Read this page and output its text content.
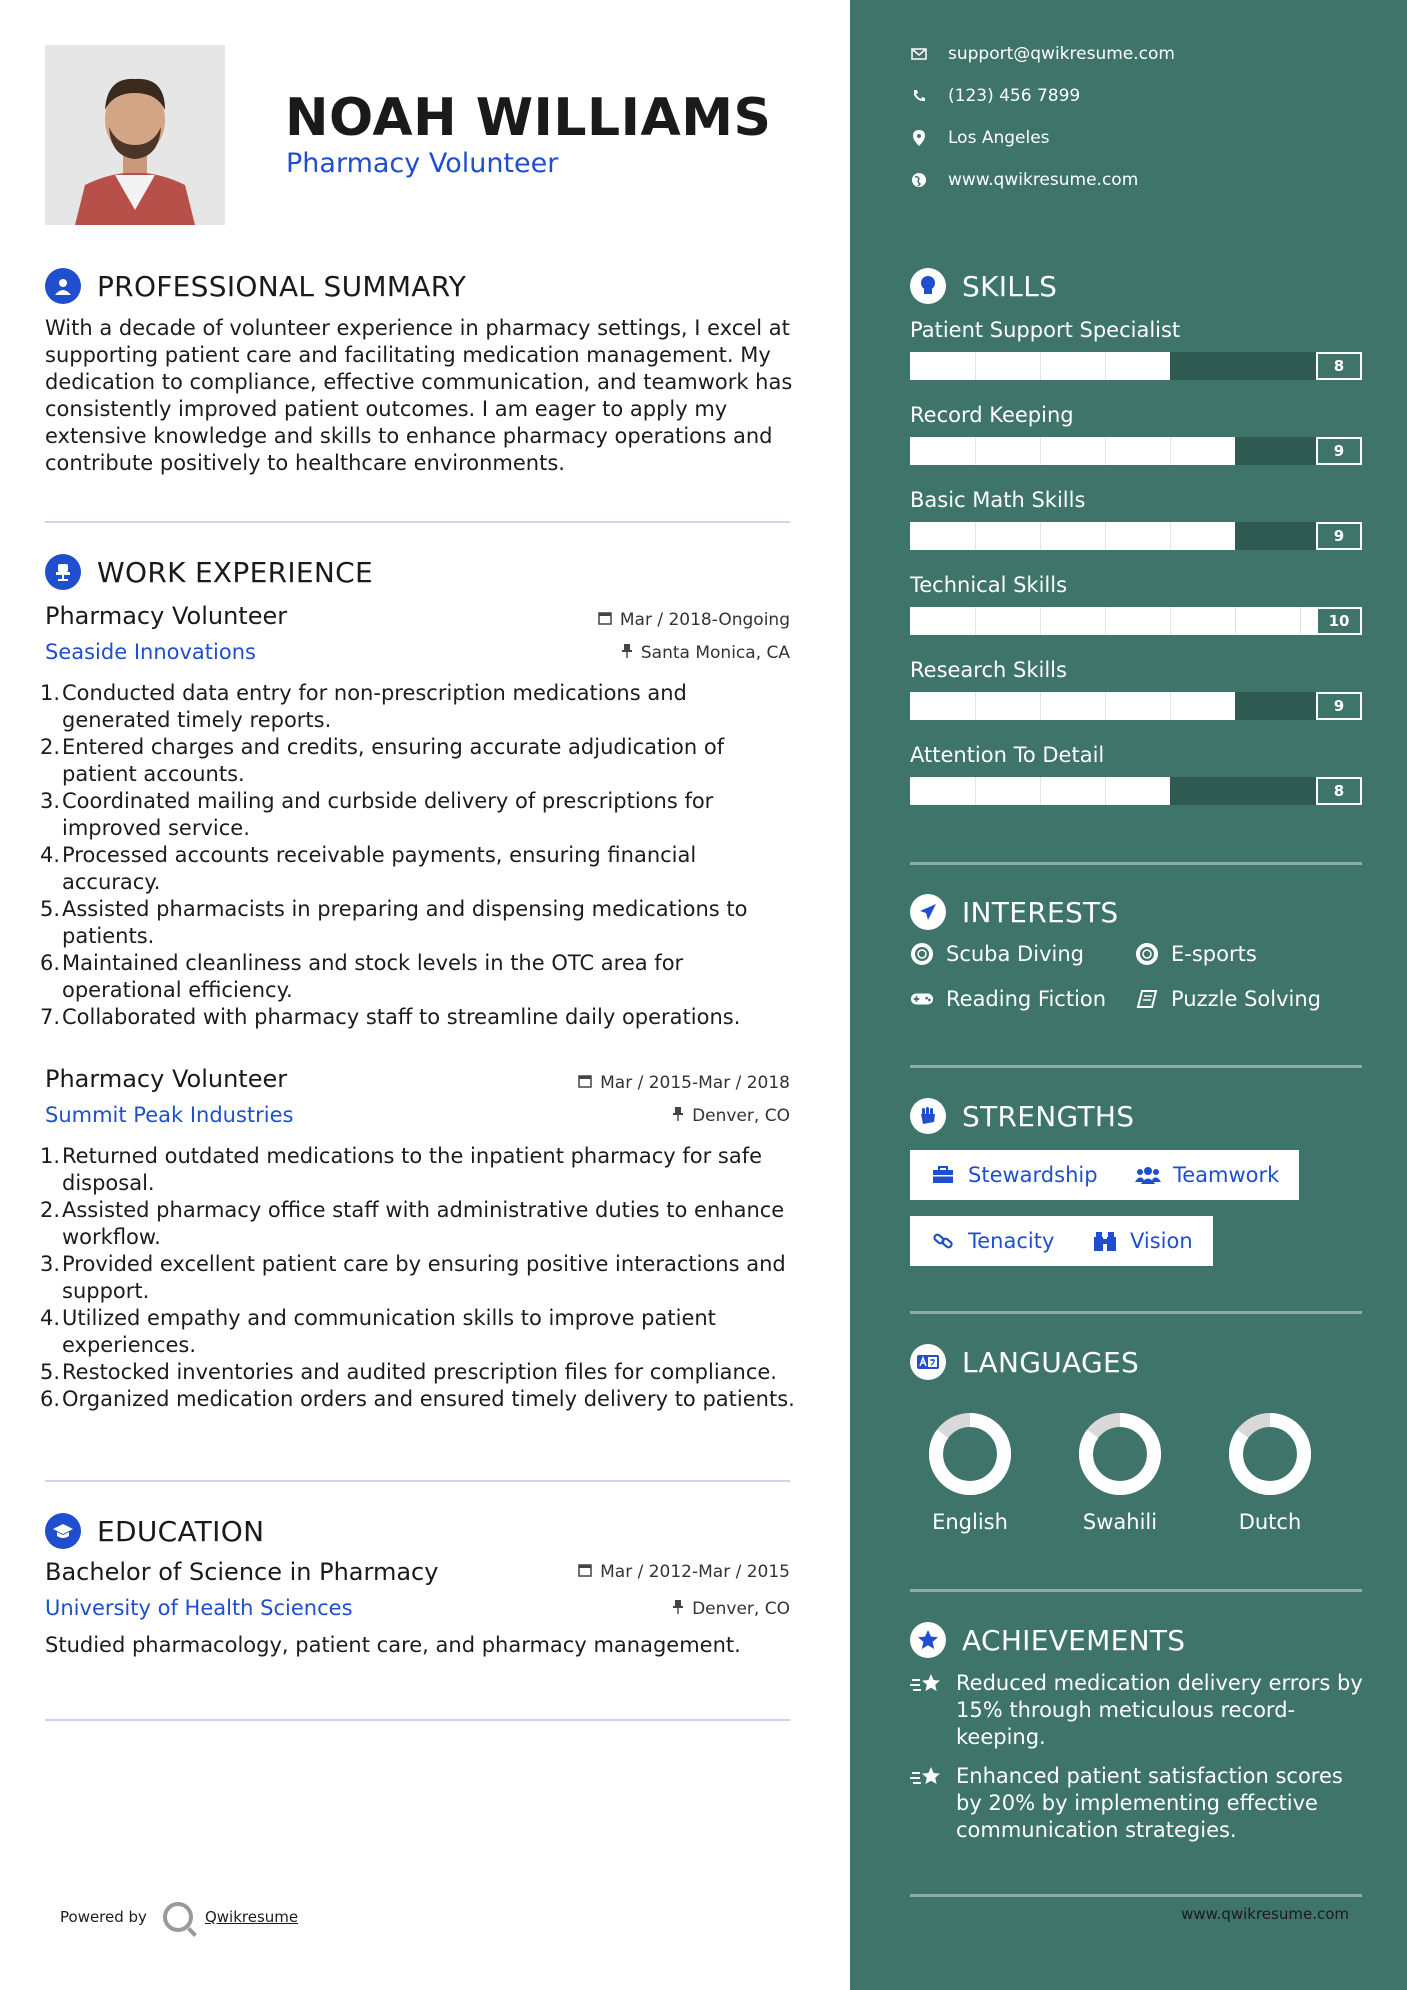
NOAH WILLIAMS
Pharmacy Volunteer
PROFESSIONAL SUMMARY
With a decade of volunteer experience in pharmacy settings, I excel at supporting patient care and facilitating medication management. My dedication to compliance, effective communication, and teamwork has consistently improved patient outcomes. I am eager to apply my extensive knowledge and skills to enhance pharmacy operations and contribute positively to healthcare environments.
WORK EXPERIENCE
Pharmacy Volunteer	Mar / 2018-Ongoing
Seaside Innovations	Santa Monica, CA
1. Conducted data entry for non-prescription medications and generated timely reports.
2. Entered charges and credits, ensuring accurate adjudication of patient accounts.
3. Coordinated mailing and curbside delivery of prescriptions for improved service.
4. Processed accounts receivable payments, ensuring financial accuracy.
5. Assisted pharmacists in preparing and dispensing medications to patients.
6. Maintained cleanliness and stock levels in the OTC area for operational efficiency.
7. Collaborated with pharmacy staff to streamline daily operations.
Pharmacy Volunteer	Mar / 2015-Mar / 2018
Summit Peak Industries	Denver, CO
1. Returned outdated medications to the inpatient pharmacy for safe disposal.
2. Assisted pharmacy office staff with administrative duties to enhance workflow.
3. Provided excellent patient care by ensuring positive interactions and support.
4. Utilized empathy and communication skills to improve patient experiences.
5. Restocked inventories and audited prescription files for compliance.
6. Organized medication orders and ensured timely delivery to patients.
EDUCATION
Bachelor of Science in Pharmacy	Mar / 2012-Mar / 2015
University of Health Sciences	Denver, CO
Studied pharmacology, patient care, and pharmacy management.
Powered by	Qwikresume
support@qwikresume.com
(123) 456 7899
Los Angeles
www.qwikresume.com
SKILLS
Patient Support Specialist
8
Record Keeping
9
Basic Math Skills
9
Technical Skills
10
Research Skills
9
Attention To Detail
8
INTERESTS
Scuba Diving	E-sports
Reading Fiction	Puzzle Solving
STRENGTHS
Stewardship	Teamwork
Tenacity	Vision
LANGUAGES
English	Swahili	Dutch
ACHIEVEMENTS
Reduced medication delivery errors by 15% through meticulous record-keeping.
Enhanced patient satisfaction scores by 20% by implementing effective communication strategies.
www.qwikresume.com
